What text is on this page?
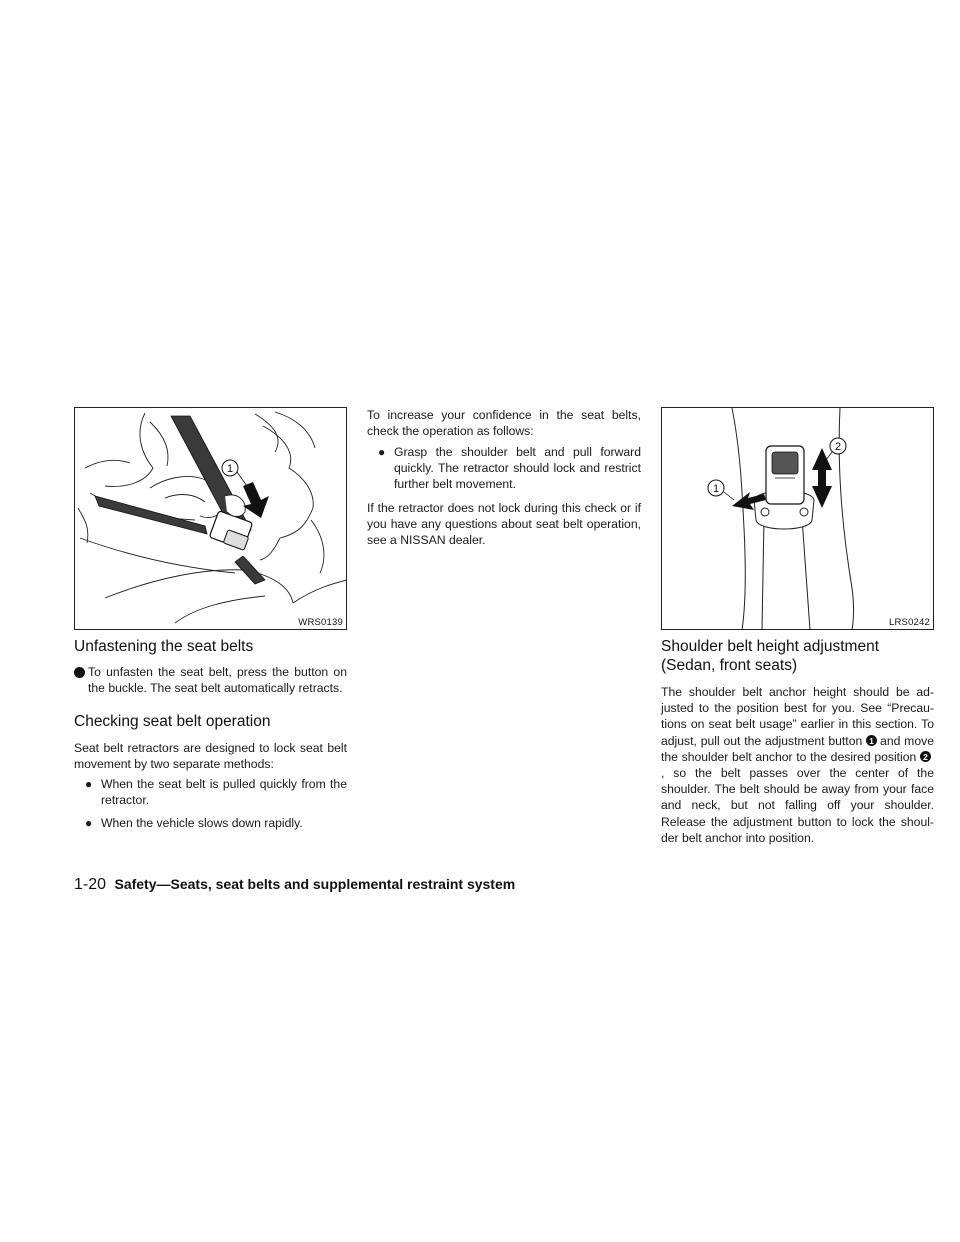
1
WRS0139
1
2
LRS0242
Unfastening the seat belts
1 To unfasten the seat belt, press the button on the buckle. The seat belt automatically retracts.
Checking seat belt operation
Seat belt retractors are designed to lock seat belt movement by two separate methods:
● When the seat belt is pulled quickly from the retractor.
● When the vehicle slows down rapidly.
To increase your confidence in the seat belts, check the operation as follows:
● Grasp the shoulder belt and pull forward quickly. The retractor should lock and restrict further belt movement.
If the retractor does not lock during this check or if you have any questions about seat belt operation, see a NISSAN dealer.
Shoulder belt height adjustment
(Sedan, front seats)
The shoulder belt anchor height should be adjusted to the position best for you. See “Precautions on seat belt usage” earlier in this section. To adjust, pull out the adjustment button 1 and move the shoulder belt anchor to the desired position 2, so the belt passes over the center of the shoulder. The belt should be away from your face and neck, but not falling off your shoulder. Release the adjustment button to lock the shoulder belt anchor into position.
1-20 Safety—Seats, seat belts and supplemental restraint system
